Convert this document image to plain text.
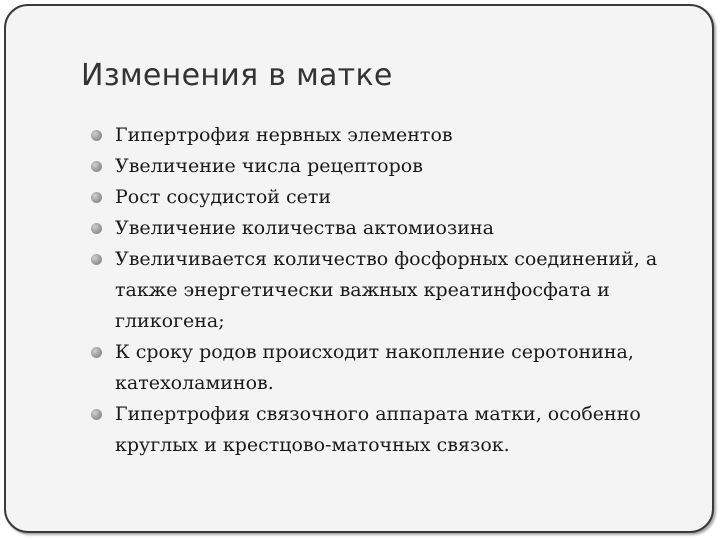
Изменения в матке
Гипертрофия нервных элементов
Увеличение числа рецепторов
Рост сосудистой сети
Увеличение количества актомиозина
Увеличивается количество фосфорных соединений, а также энергетически важных креатинфосфата и гликогена;
К сроку родов происходит накопление серотонина, катехоламинов.
Гипертрофия связочного аппарата матки, особенно круглых и крестцово-маточных связок.
